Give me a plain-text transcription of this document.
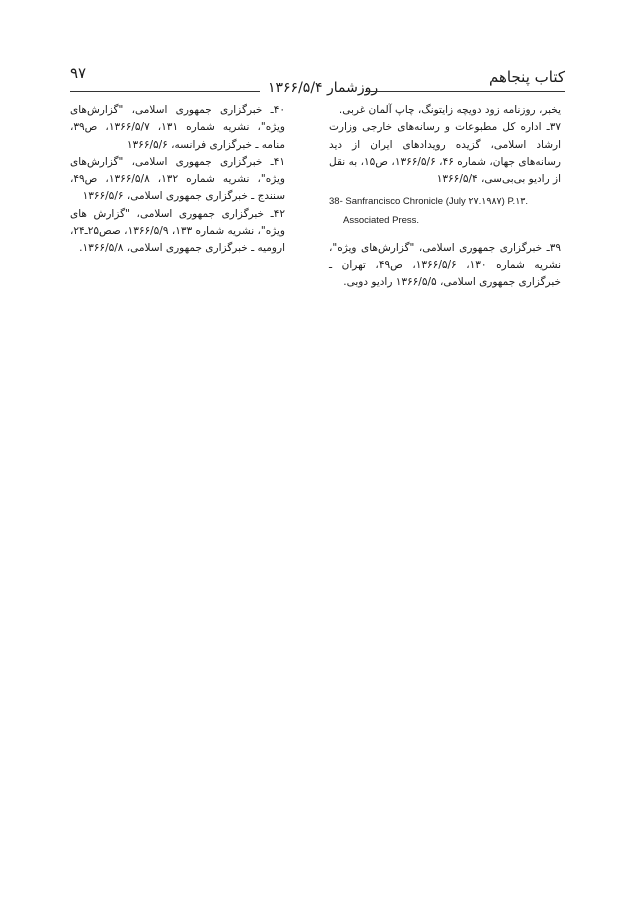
۹۷
روزشمار ۱۳۶۶/۵/۴
کتاب پنجاهم

یخبر، روزنامه زود دویچه زایتونگ، چاپ آلمان غربی.

۳۷ـ اداره کل مطبوعات و رسانه‌های خارجی وزارت ارشاد اسلامی، گزیده رویدادهای ایران از دید رسانه‌های جهان، شماره ۴۶، ۱۳۶۶/۵/۶، ص۱۵، به نقل از رادیو بی‌بی‌سی، ۱۳۶۶/۵/۴

38- Sanfrancisco Chronicle (July ۲۷.۱۹۸۷) P.۱۳.

Associated Press.

۳۹ـ خبرگزاری جمهوری اسلامی، "گزارش‌های ویژه"، نشریه شماره ۱۳۰، ۱۳۶۶/۵/۶، ص۴۹، تهران ـ خبرگزاری جمهوری اسلامی، ۱۳۶۶/۵/۵ رادیو دوبی.

۴۰ـ خبرگزاری جمهوری اسلامی، "گزارش‌های ویژه"، نشریه شماره ۱۳۱، ۱۳۶۶/۵/۷، ص۳۹، منامه ـ خبرگزاری فرانسه، ۱۳۶۶/۵/۶

۴۱ـ خبرگزاری جمهوری اسلامی، "گزارش‌های ویژه"، نشریه شماره ۱۳۲، ۱۳۶۶/۵/۸، ص۴۹، سنندج ـ خبرگزاری جمهوری اسلامی، ۱۳۶۶/۵/۶

۴۲ـ خبرگزاری جمهوری اسلامی، "گزارش های ویژه"، نشریه شماره ۱۳۳، ۱۳۶۶/۵/۹، صص۲۵ـ۲۴، ارومیه ـ خبرگزاری جمهوری اسلامی، ۱۳۶۶/۵/۸.
